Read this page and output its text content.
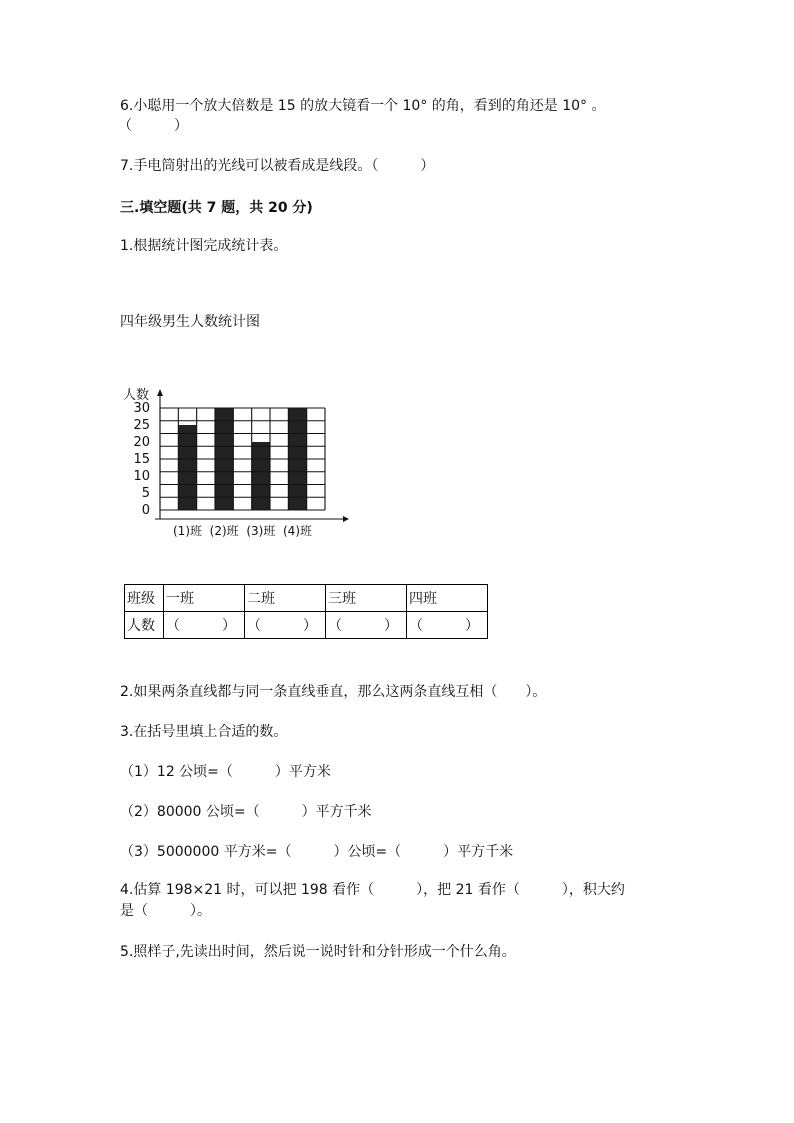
6.小聪用一个放大倍数是 15 的放大镜看一个 10° 的角，看到的角还是 10° 。
（　　　）
7.手电筒射出的光线可以被看成是线段。（　　　）
三.填空题(共 7 题，共 20 分)
1.根据统计图完成统计表。
四年级男生人数统计图
0
5
10
15
20
25
30
(1)班 (2)班 (3)班 (4)班
人数
班级	一班	二班	三班	四班
人数	（　　　）	（　　　）	（　　　）	（　　　）
2.如果两条直线都与同一条直线垂直，那么这两条直线互相（　　）。
3.在括号里填上合适的数。
（1）12 公顷=（　　　）平方米
（2）80000 公顷=（　　　）平方千米
（3）5000000 平方米=（　　　）公顷=（　　　）平方千米
4.估算 198×21 时，可以把 198 看作（　　　），把 21 看作（　　　），积大约
是（　　　）。
5.照样子,先读出时间，然后说一说时针和分针形成一个什么角。
